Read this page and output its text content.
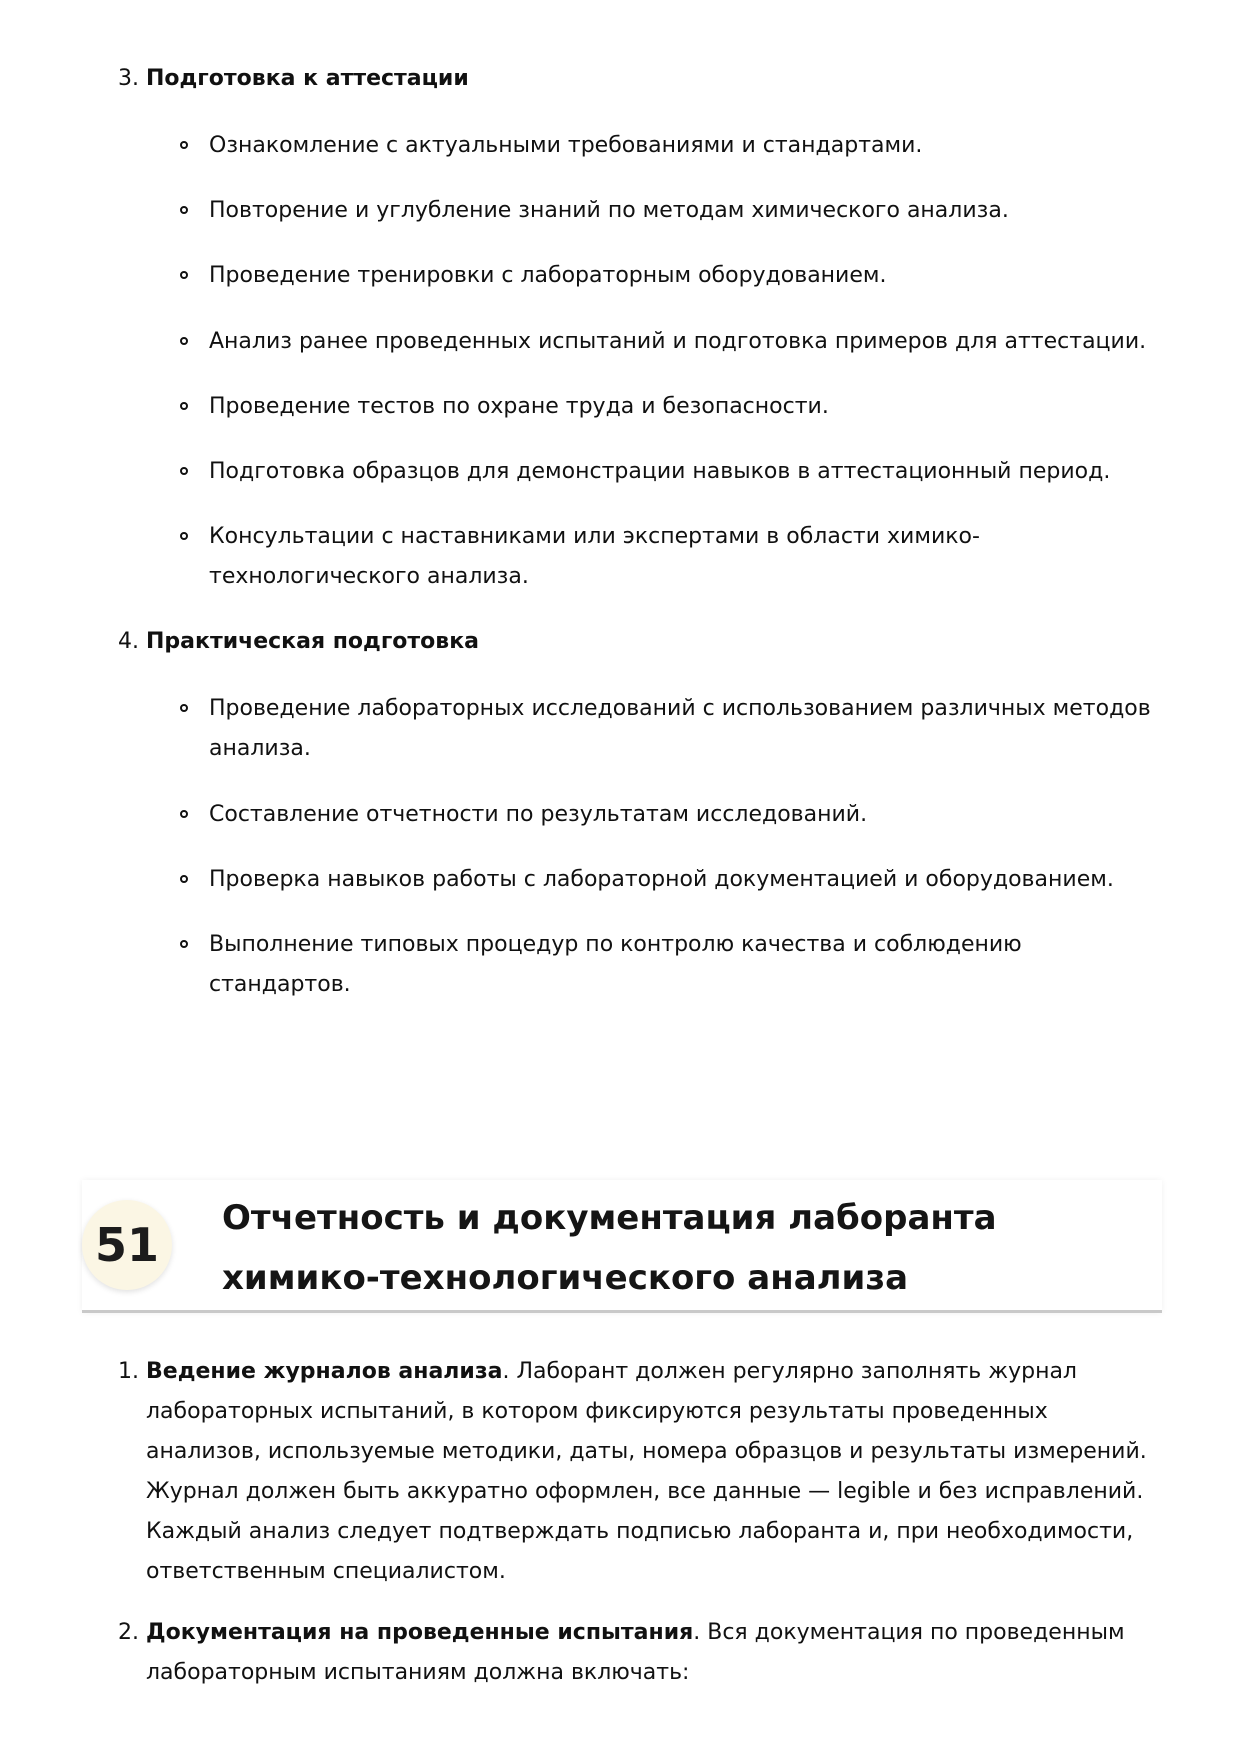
3. Подготовка к аттестации
Ознакомление с актуальными требованиями и стандартами.
Повторение и углубление знаний по методам химического анализа.
Проведение тренировки с лабораторным оборудованием.
Анализ ранее проведенных испытаний и подготовка примеров для аттестации.
Проведение тестов по охране труда и безопасности.
Подготовка образцов для демонстрации навыков в аттестационный период.
Консультации с наставниками или экспертами в области химико-технологического анализа.
4. Практическая подготовка
Проведение лабораторных исследований с использованием различных методов анализа.
Составление отчетности по результатам исследований.
Проверка навыков работы с лабораторной документацией и оборудованием.
Выполнение типовых процедур по контролю качества и соблюдению стандартов.
51	Отчетность и документация лаборанта химико-технологического анализа
1. Ведение журналов анализа. Лаборант должен регулярно заполнять журнал лабораторных испытаний, в котором фиксируются результаты проведенных анализов, используемые методики, даты, номера образцов и результаты измерений. Журнал должен быть аккуратно оформлен, все данные — legible и без исправлений. Каждый анализ следует подтверждать подписью лаборанта и, при необходимости, ответственным специалистом.
2. Документация на проведенные испытания. Вся документация по проведенным лабораторным испытаниям должна включать:
